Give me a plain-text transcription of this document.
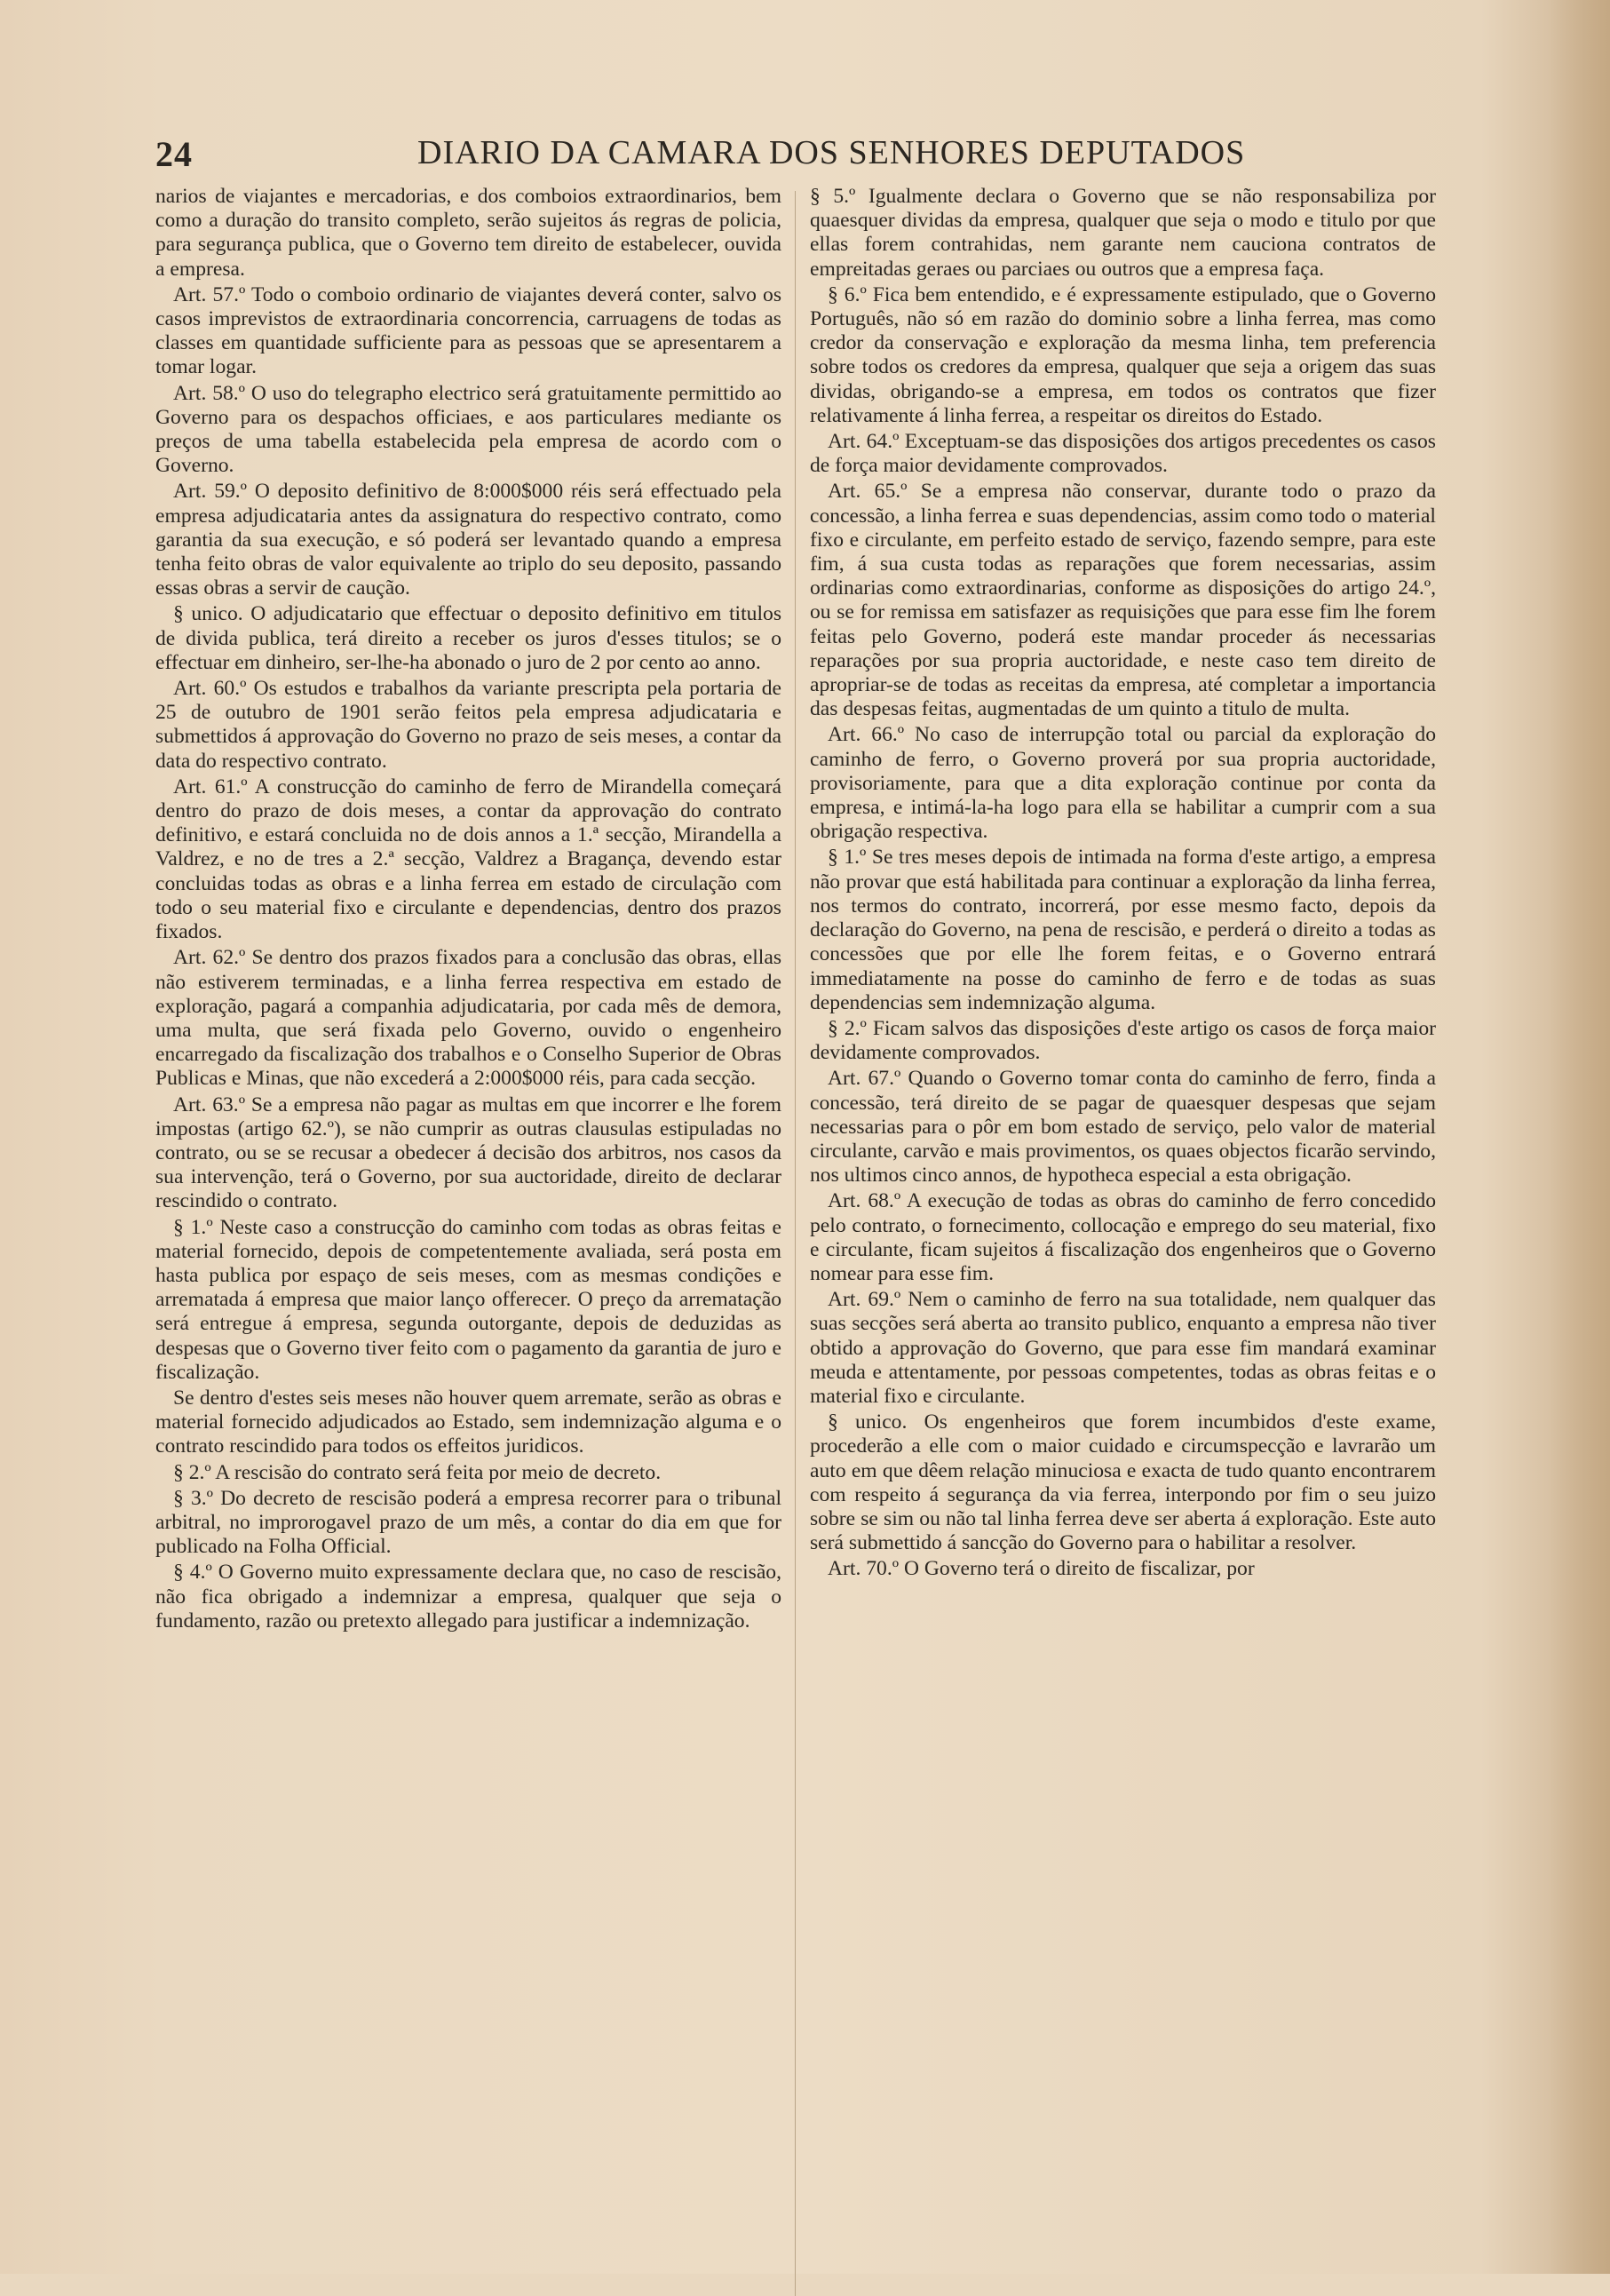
24	DIARIO DA CAMARA DOS SENHORES DEPUTADOS

narios de viajantes e mercadorias, e dos comboios extraordinarios, bem como a duração do transito completo, serão sujeitos ás regras de policia, para segurança publica, que o Governo tem direito de estabelecer, ouvida a empresa.

Art. 57.º Todo o comboio ordinario de viajantes deverá conter, salvo os casos imprevistos de extraordinaria concorrencia, carruagens de todas as classes em quantidade sufficiente para as pessoas que se apresentarem a tomar logar.

Art. 58.º O uso do telegrapho electrico será gratuitamente permittido ao Governo para os despachos officiaes, e aos particulares mediante os preços de uma tabella estabelecida pela empresa de acordo com o Governo.

Art. 59.º O deposito definitivo de 8:000$000 réis será effectuado pela empresa adjudicataria antes da assignatura do respectivo contrato, como garantia da sua execução, e só poderá ser levantado quando a empresa tenha feito obras de valor equivalente ao triplo do seu deposito, passando essas obras a servir de caução.

§ unico. O adjudicatario que effectuar o deposito definitivo em titulos de divida publica, terá direito a receber os juros d'esses titulos; se o effectuar em dinheiro, ser-lhe-ha abonado o juro de 2 por cento ao anno.

Art. 60.º Os estudos e trabalhos da variante prescripta pela portaria de 25 de outubro de 1901 serão feitos pela empresa adjudicataria e submettidos á approvação do Governo no prazo de seis meses, a contar da data do respectivo contrato.

Art. 61.º A construcção do caminho de ferro de Mirandella começará dentro do prazo de dois meses, a contar da approvação do contrato definitivo, e estará concluida no de dois annos a 1.ª secção, Mirandella a Valdrez, e no de tres a 2.ª secção, Valdrez a Bragança, devendo estar concluidas todas as obras e a linha ferrea em estado de circulação com todo o seu material fixo e circulante e dependencias, dentro dos prazos fixados.

Art. 62.º Se dentro dos prazos fixados para a conclusão das obras, ellas não estiverem terminadas, e a linha ferrea respectiva em estado de exploração, pagará a companhia adjudicataria, por cada mês de demora, uma multa, que será fixada pelo Governo, ouvido o engenheiro encarregado da fiscalização dos trabalhos e o Conselho Superior de Obras Publicas e Minas, que não excederá a 2:000$000 réis, para cada secção.

Art. 63.º Se a empresa não pagar as multas em que incorrer e lhe forem impostas (artigo 62.º), se não cumprir as outras clausulas estipuladas no contrato, ou se se recusar a obedecer á decisão dos arbitros, nos casos da sua intervenção, terá o Governo, por sua auctoridade, direito de declarar rescindido o contrato.

§ 1.º Neste caso a construcção do caminho com todas as obras feitas e material fornecido, depois de competentemente avaliada, será posta em hasta publica por espaço de seis meses, com as mesmas condições e arrematada á empresa que maior lanço offerecer. O preço da arrematação será entregue á empresa, segunda outorgante, depois de deduzidas as despesas que o Governo tiver feito com o pagamento da garantia de juro e fiscalização.

Se dentro d'estes seis meses não houver quem arremate, serão as obras e material fornecido adjudicados ao Estado, sem indemnização alguma e o contrato rescindido para todos os effeitos juridicos.

§ 2.º A rescisão do contrato será feita por meio de decreto.

§ 3.º Do decreto de rescisão poderá a empresa recorrer para o tribunal arbitral, no improrogavel prazo de um mês, a contar do dia em que for publicado na Folha Official.

§ 4.º O Governo muito expressamente declara que, no caso de rescisão, não fica obrigado a indemnizar a empresa, qualquer que seja o fundamento, razão ou pretexto allegado para justificar a indemnização.

§ 5.º Igualmente declara o Governo que se não responsabiliza por quaesquer dividas da empresa, qualquer que seja o modo e titulo por que ellas forem contrahidas, nem garante nem cauciona contratos de empreitadas geraes ou parciaes ou outros que a empresa faça.

§ 6.º Fica bem entendido, e é expressamente estipulado, que o Governo Português, não só em razão do dominio sobre a linha ferrea, mas como credor da conservação e exploração da mesma linha, tem preferencia sobre todos os credores da empresa, qualquer que seja a origem das suas dividas, obrigando-se a empresa, em todos os contratos que fizer relativamente á linha ferrea, a respeitar os direitos do Estado.

Art. 64.º Exceptuam-se das disposições dos artigos precedentes os casos de força maior devidamente comprovados.

Art. 65.º Se a empresa não conservar, durante todo o prazo da concessão, a linha ferrea e suas dependencias, assim como todo o material fixo e circulante, em perfeito estado de serviço, fazendo sempre, para este fim, á sua custa todas as reparações que forem necessarias, assim ordinarias como extraordinarias, conforme as disposições do artigo 24.º, ou se for remissa em satisfazer as requisições que para esse fim lhe forem feitas pelo Governo, poderá este mandar proceder ás necessarias reparações por sua propria auctoridade, e neste caso tem direito de apropriar-se de todas as receitas da empresa, até completar a importancia das despesas feitas, augmentadas de um quinto a titulo de multa.

Art. 66.º No caso de interrupção total ou parcial da exploração do caminho de ferro, o Governo proverá por sua propria auctoridade, provisoriamente, para que a dita exploração continue por conta da empresa, e intimá-la-ha logo para ella se habilitar a cumprir com a sua obrigação respectiva.

§ 1.º Se tres meses depois de intimada na forma d'este artigo, a empresa não provar que está habilitada para continuar a exploração da linha ferrea, nos termos do contrato, incorrerá, por esse mesmo facto, depois da declaração do Governo, na pena de rescisão, e perderá o direito a todas as concessões que por elle lhe forem feitas, e o Governo entrará immediatamente na posse do caminho de ferro e de todas as suas dependencias sem indemnização alguma.

§ 2.º Ficam salvos das disposições d'este artigo os casos de força maior devidamente comprovados.

Art. 67.º Quando o Governo tomar conta do caminho de ferro, finda a concessão, terá direito de se pagar de quaesquer despesas que sejam necessarias para o pôr em bom estado de serviço, pelo valor de material circulante, carvão e mais provimentos, os quaes objectos ficarão servindo, nos ultimos cinco annos, de hypotheca especial a esta obrigação.

Art. 68.º A execução de todas as obras do caminho de ferro concedido pelo contrato, o fornecimento, collocação e emprego do seu material, fixo e circulante, ficam sujeitos á fiscalização dos engenheiros que o Governo nomear para esse fim.

Art. 69.º Nem o caminho de ferro na sua totalidade, nem qualquer das suas secções será aberta ao transito publico, enquanto a empresa não tiver obtido a approvação do Governo, que para esse fim mandará examinar meuda e attentamente, por pessoas competentes, todas as obras feitas e o material fixo e circulante.

§ unico. Os engenheiros que forem incumbidos d'este exame, procederão a elle com o maior cuidado e circumspecção e lavrarão um auto em que dêem relação minuciosa e exacta de tudo quanto encontrarem com respeito á segurança da via ferrea, interpondo por fim o seu juizo sobre se sim ou não tal linha ferrea deve ser aberta á exploração. Este auto será submettido á sancção do Governo para o habilitar a resolver.

Art. 70.º O Governo terá o direito de fiscalizar, por
